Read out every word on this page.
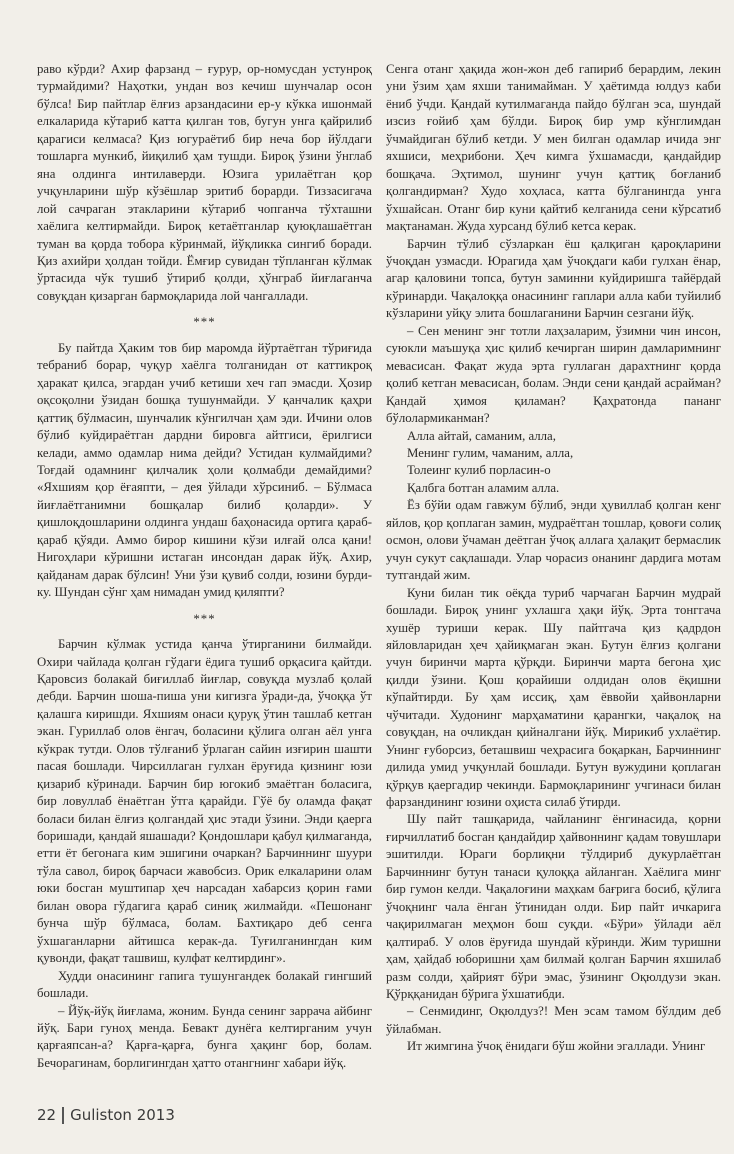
раво кўрди? Ахир фарзанд – ғурур, ор-номусдан устунроқ турмайдими? Наҳотки, ундан воз кечиш шунчалар осон бўлса! Бир пайтлар ёлғиз арзандасини ер-у кўкка ишонмай елкаларида кўтариб катта қилган тов, бугун унга қайрилиб қарагиси келмаса? Қиз югураётиб бир неча бор йўлдаги тошларга мункиб, йиқилиб ҳам тушди. Бироқ ўзини ўнглаб яна олдинга интилаверди. Юзига урилаётган қор учқунларини шўр кўзёшлар эритиб борарди. Тиззасигача лой сачраган этакларини кўтариб чопганча тўхташни хаёлига келтирмайди. Бироқ кетаётганлар қуюқлашаётган туман ва қорда тобора кўринмай, йўқликка сингиб боради. Қиз ахийри ҳолдан тойди. Ёмғир сувидан тўпланган кўлмак ўртасида чўк тушиб ўтириб қолди, ҳўнграб йиғлаганча совуқдан қизарган бармоқларида лой чангаллади.

***

Бу пайтда Ҳаким тов бир маромда йўртаётган тўриғида тебраниб борар, чуқур хаёлга толганидан от каттикроқ ҳаракат қилса, эгардан учиб кетиши хеч гап эмасди. Ҳозир оқсоқолни ўзидан бошқа тушунмайди. У қанчалик қаҳри қаттиқ бўлмасин, шунчалик кўнгилчан ҳам эди. Ичини олов бўлиб куйдираётган дардни бировга айтгиси, ёрилгиси келади, аммо одамлар нима дейди? Устидан кулмайдими? Тоғдай одамнинг қилчалик ҳоли қолмабди демайдими? «Яхшиям қор ёғаяпти, – дея ўйлади хўрсиниб. – Бўлмаса йиғлаётганимни бошқалар билиб қоларди». У қишлоқдошларини олдинга ундаш баҳонасида ортига қараб-қараб қўяди. Аммо бирор кишини кўзи илғай олса қани! Нигоҳлари кўришни истаган инсондан дарак йўқ. Ахир, қайданам дарак бўлсин! Уни ўзи қувиб солди, юзини бурди-ку. Шундан сўнг ҳам нимадан умид қиляпти?

***

Барчин кўлмак устида қанча ўтирганини билмайди. Охири чайлада қолган гўдаги ёдига тушиб орқасига қайтди. Қаровсиз болакай биғиллаб йиғлар, совуқда музлаб қолай дебди. Барчин шоша-пиша уни кигизга ўради-да, ўчоққа ўт қалашга киришди. Яхшиям онаси қуруқ ўтин ташлаб кетган экан. Гуриллаб олов ёнгач, боласини қўлига олган аёл унга кўкрак тутди. Олов тўлғаниб ўрлаган сайин изғирин шашти пасая бошлади. Чирсиллаган гулхан ёруғида қизнинг юзи қизариб кўринади. Барчин бир югокиб эмаётган боласига, бир ловуллаб ёнаётган ўтга қарайди. Гўё бу оламда фақат боласи билан ёлғиз қолгандай ҳис этади ўзини. Энди қаерга боришади, қандай яшашади? Қондошлари қабул қилмаганда, етти ёт бегонага ким эшигини очаркан? Барчиннинг шуури тўла савол, бироқ барчаси жавобсиз. Орик елкаларини олам юки босган муштипар ҳеч нарсадан хабарсиз қорин ғами билан овора гўдагига қараб синиқ жилмайди. «Пешонанг бунча шўр бўлмаса, болам. Бахтиқаро деб сенга ўхшаганларни айтишса керак-да. Туғилганингдан ким қувонди, фақат ташвиш, кулфат келтирдинг».

Худди онасининг гапига тушунгандек болакай гингший бошлади.

– Йўқ-йўқ йиғлама, жоним. Бунда сенинг заррача айбинг йўқ. Бари гуноҳ менда. Бевакт дунёга келтирганим учун қарғаяпсан-а? Қарға-қарға, бунга ҳақинг бор, болам. Бечорагинам, борлигингдан ҳатто отангнинг хабари йўқ.

Сенга отанг ҳақида жон-жон деб гапириб берардим, лекин уни ўзим ҳам яхши танимайман. У ҳаётимда юлдуз каби ёниб ўчди. Қандай кутилмаганда пайдо бўлган эса, шундай изсиз ғойиб ҳам бўлди. Бироқ бир умр кўнглимдан ўчмайдиган бўлиб кетди. У мен билган одамлар ичида энг яхшиси, меҳрибони. Ҳеч кимга ўхшамасди, қандайдир бошқача. Эҳтимол, шунинг учун қаттиқ боғланиб қолгандирман? Худо хоҳласа, катта бўлганингда унга ўхшайсан. Отанг бир куни қайтиб келганида сени кўрсатиб мақтанаман. Жуда хурсанд бўлиб кетса керак.

Барчин тўлиб сўзларкан ёш қалқиган қароқларини ўчоқдан узмасди. Юрагида ҳам ўчоқдаги каби гулхан ёнар, агар қаловини топса, бутун заминни куйдиришга тайёрдай кўринарди. Чақалоққа онасининг гаплари алла каби туйилиб кўзларини уйқу элита бошлаганини Барчин сезгани йўқ.

– Сен менинг энг тотли лаҳзаларим, ўзимни чин инсон, суюкли маъшуқа ҳис қилиб кечирган ширин дамларимнинг мевасисан. Фақат жуда эрта гуллаган дарахтнинг қорда қолиб кетган мевасисан, болам. Энди сени қандай асрайман? Қандай ҳимоя қиламан? Қаҳратонда пананг бўлолармиканман?

Алла айтай, саманим, алла,

Менинг гулим, чаманим, алла,

Толеинг кулиб порласин-о

Қалбга ботган аламим алла.

Ёз бўйи одам гавжум бўлиб, энди ҳувиллаб қолган кенг яйлов, қор қоплаган замин, мудраётган тошлар, қовоғи солиқ осмон, олови ўчаман деётган ўчоқ аллага ҳалақит бермаслик учун сукут сақлашади. Улар чорасиз онанинг дардига мотам тутгандай жим.

Куни билан тик оёқда туриб чарчаган Барчин мудрай бошлади. Бироқ унинг ухлашга ҳақи йўқ. Эрта тонггача хушёр туриши керак. Шу пайтгача қиз қадрдон яйловларидан ҳеч ҳайиқмаган экан. Бутун ёлғиз қолгани учун биринчи марта қўрқди. Биринчи марта бегона ҳис қилди ўзини. Қош қорайиши олдидан олов ёқишни кўпайтирди. Бу ҳам иссиқ, ҳам ёввойи ҳайвонларни чўчитади. Худонинг марҳаматини қарангки, чақалоқ на совуқдан, на очликдан қийналгани йўқ. Мирикиб ухлаётир. Унинг ғуборсиз, беташвиш чеҳрасига боқаркан, Барчиннинг дилида умид учқунлай бошлади. Бутун вужудини қоплаган қўрқув қаергадир чекинди. Бармоқларининг учгинаси билан фарзандининг юзини оҳиста силаб ўтирди.

Шу пайт ташқарида, чайланинг ёнгинасида, қорни ғирчиллатиб босган қандайдир ҳайвоннинг қадам товушлари эшитилди. Юраги борлиқни тўлдириб дукурлаётган Барчиннинг бутун танаси қулоққа айланган. Хаёлига минг бир гумон келди. Чақалоғини маҳкам бағрига босиб, қўлига ўчоқнинг чала ёнган ўтинидан олди. Бир пайт ичкарига чақирилмаган меҳмон бош суқди. «Бўри» ўйлади аёл қалтираб. У олов ёруғида шундай кўринди. Жим туришни ҳам, ҳайдаб юборишни ҳам билмай қолган Барчин яхшилаб разм солди, ҳайрият бўри эмас, ўзининг Оқюлдузи экан. Қўрққанидан бўрига ўхшатибди.

– Сенмидинг, Оқюлдуз?! Мен эсам тамом бўлдим деб ўйлабман.

Ит жимгина ўчоқ ёнидаги бўш жойни эгаллади. Унинг

22 Guliston 2013
